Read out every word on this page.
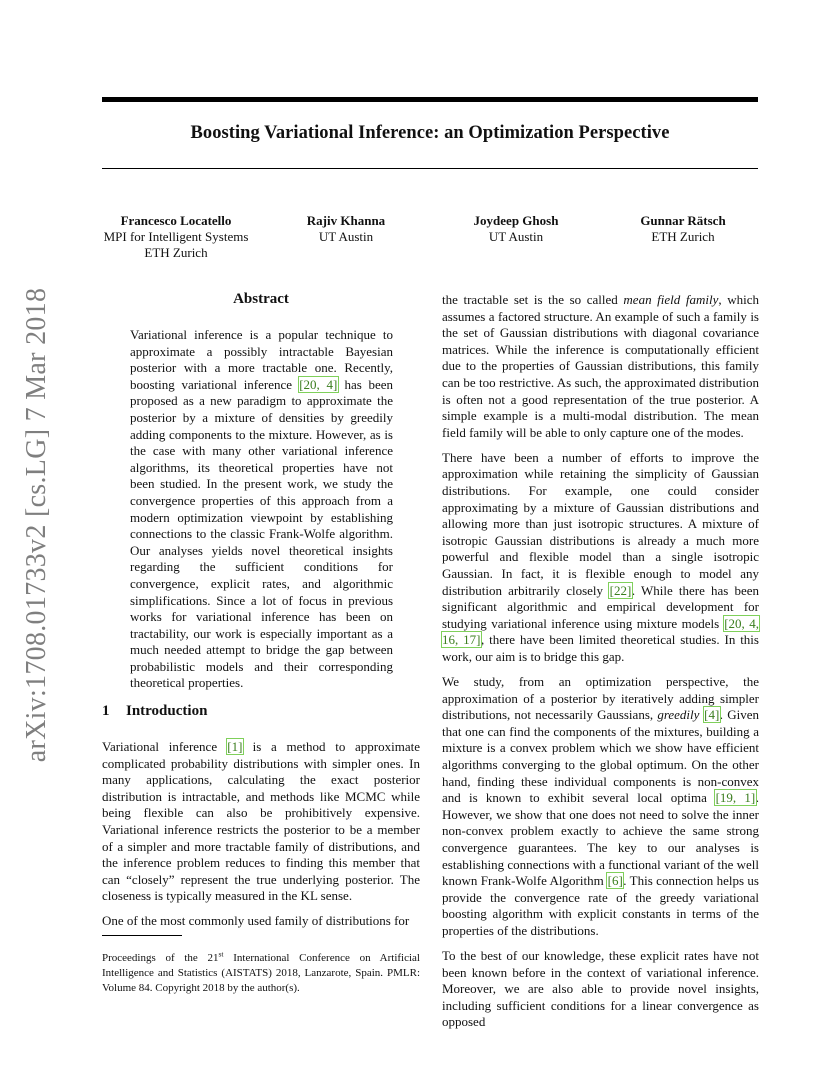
arXiv:1708.01733v2 [cs.LG] 7 Mar 2018
Boosting Variational Inference: an Optimization Perspective
Francesco Locatello
MPI for Intelligent Systems
ETH Zurich
Rajiv Khanna
UT Austin
Joydeep Ghosh
UT Austin
Gunnar Rätsch
ETH Zurich
Abstract
Variational inference is a popular technique to approximate a possibly intractable Bayesian posterior with a more tractable one. Recently, boosting variational inference [20, 4] has been proposed as a new paradigm to approximate the posterior by a mixture of densities by greedily adding components to the mixture. However, as is the case with many other variational inference algorithms, its theoretical properties have not been studied. In the present work, we study the convergence properties of this approach from a modern optimization viewpoint by establishing connections to the classic Frank-Wolfe algorithm. Our analyses yields novel theoretical insights regarding the sufficient conditions for convergence, explicit rates, and algorithmic simplifications. Since a lot of focus in previous works for variational inference has been on tractability, our work is especially important as a much needed attempt to bridge the gap between probabilistic models and their corresponding theoretical properties.
1 Introduction

Variational inference [1] is a method to approximate complicated probability distributions with simpler ones. In many applications, calculating the exact posterior distribution is intractable, and methods like MCMC while being flexible can also be prohibitively expensive. Variational inference restricts the posterior to be a member of a simpler and more tractable family of distributions, and the inference problem reduces to finding this member that can “closely” represent the true underlying posterior. The closeness is typically measured in the KL sense.

One of the most commonly used family of distributions for

Proceedings of the 21st International Conference on Artificial Intelligence and Statistics (AISTATS) 2018, Lanzarote, Spain. PMLR: Volume 84. Copyright 2018 by the author(s).

the tractable set is the so called mean field family, which assumes a factored structure. An example of such a family is the set of Gaussian distributions with diagonal covariance matrices. While the inference is computationally efficient due to the properties of Gaussian distributions, this family can be too restrictive. As such, the approximated distribution is often not a good representation of the true posterior. A simple example is a multi-modal distribution. The mean field family will be able to only capture one of the modes.

There have been a number of efforts to improve the approximation while retaining the simplicity of Gaussian distributions. For example, one could consider approximating by a mixture of Gaussian distributions and allowing more than just isotropic structures. A mixture of isotropic Gaussian distributions is already a much more powerful and flexible model than a single isotropic Gaussian. In fact, it is flexible enough to model any distribution arbitrarily closely [22]. While there has been significant algorithmic and empirical development for studying variational inference using mixture models [20, 4, 16, 17], there have been limited theoretical studies. In this work, our aim is to bridge this gap.

We study, from an optimization perspective, the approximation of a posterior by iteratively adding simpler distributions, not necessarily Gaussians, greedily [4]. Given that one can find the components of the mixtures, building a mixture is a convex problem which we show have efficient algorithms converging to the global optimum. On the other hand, finding these individual components is non-convex and is known to exhibit several local optima [19, 1]. However, we show that one does not need to solve the inner non-convex problem exactly to achieve the same strong convergence guarantees. The key to our analyses is establishing connections with a functional variant of the well known Frank-Wolfe Algorithm [6]. This connection helps us provide the convergence rate of the greedy variational boosting algorithm with explicit constants in terms of the properties of the distributions.

To the best of our knowledge, these explicit rates have not been known before in the context of variational inference. Moreover, we are also able to provide novel insights, including sufficient conditions for a linear convergence as opposed
